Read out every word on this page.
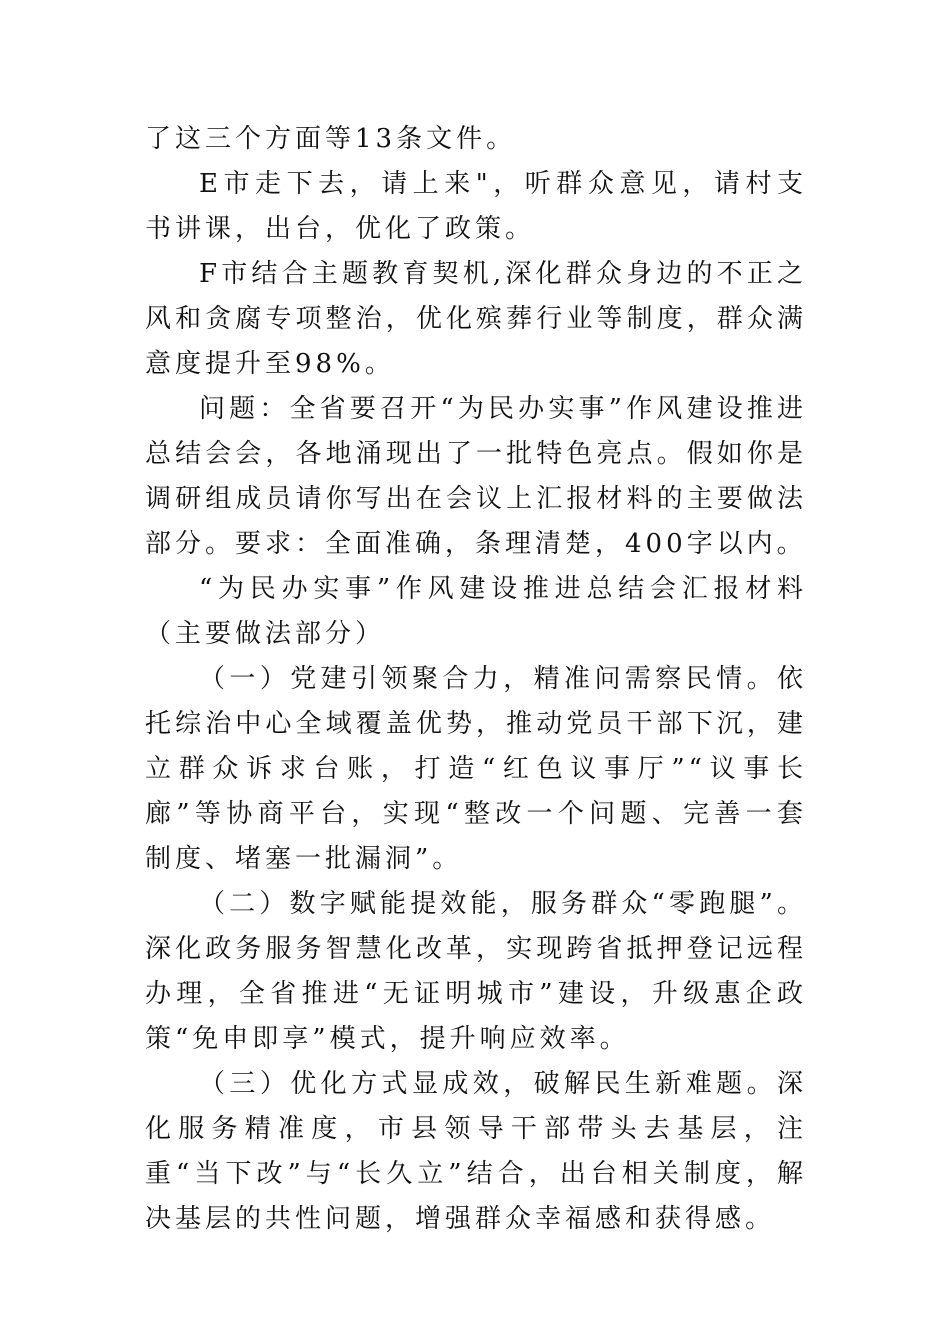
了这三个方面等13条文件。

E市走下去，请上来"，听群众意见，请村支书讲课，出台，优化了政策。

F市结合主题教育契机,深化群众身边的不正之风和贪腐专项整治，优化殡葬行业等制度，群众满意度提升至98%。

问题：全省要召开“为民办实事”作风建设推进总结会会，各地涌现出了一批特色亮点。假如你是调研组成员请你写出在会议上汇报材料的主要做法部分。要求：全面准确，条理清楚，400字以内。

“为民办实事”作风建设推进总结会汇报材料（主要做法部分）

（一）党建引领聚合力，精准问需察民情。依托综治中心全域覆盖优势，推动党员干部下沉，建立群众诉求台账，打造“红色议事厅”“议事长廊”等协商平台，实现“整改一个问题、完善一套制度、堵塞一批漏洞”。

（二）数字赋能提效能，服务群众“零跑腿”。深化政务服务智慧化改革，实现跨省抵押登记远程办理，全省推进“无证明城市”建设，升级惠企政策“免申即享”模式，提升响应效率。

（三）优化方式显成效，破解民生新难题。深化服务精准度，市县领导干部带头去基层，注重“当下改”与“长久立”结合，出台相关制度，解决基层的共性问题，增强群众幸福感和获得感。
